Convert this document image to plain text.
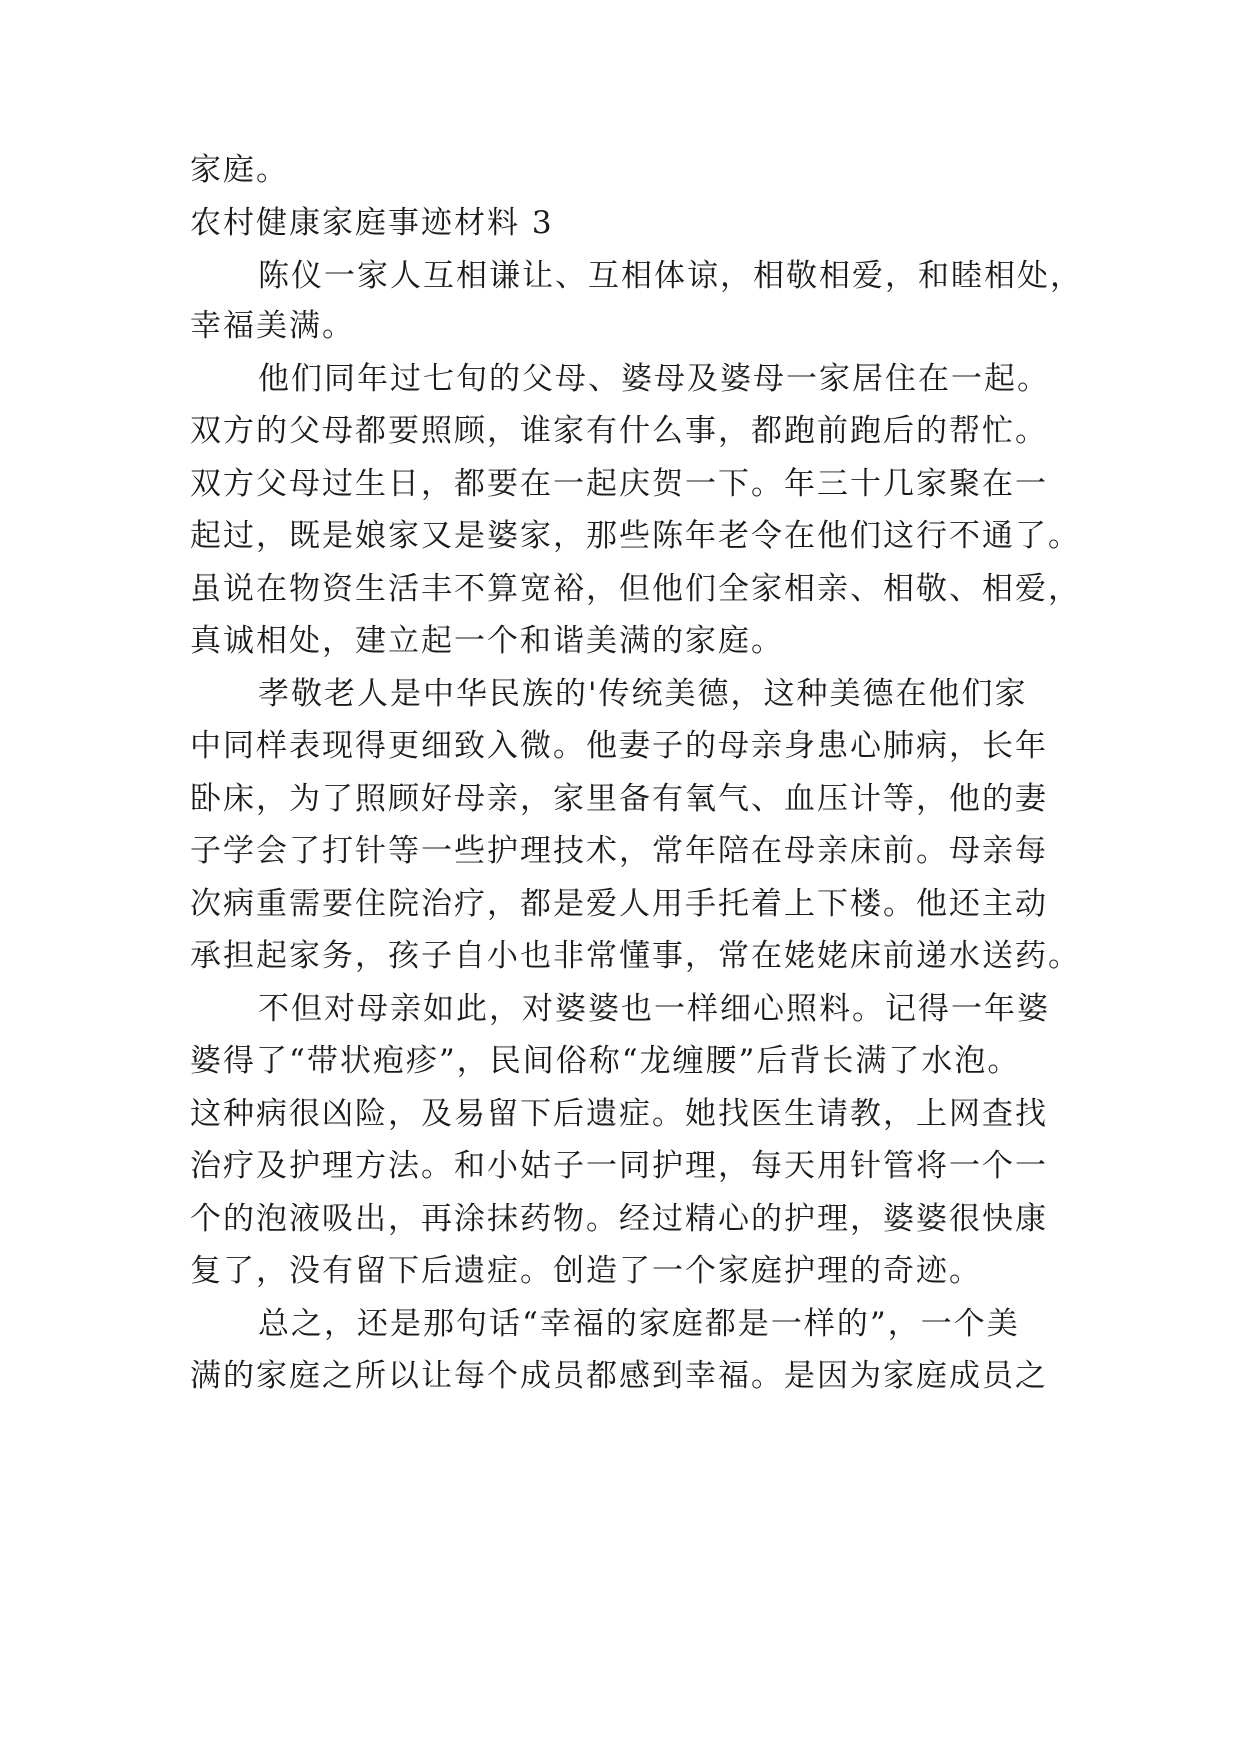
家庭。
农村健康家庭事迹材料 3
陈仪一家人互相谦让、互相体谅，相敬相爱，和睦相处，
幸福美满。
他们同年过七旬的父母、婆母及婆母一家居住在一起。
双方的父母都要照顾，谁家有什么事，都跑前跑后的帮忙。
双方父母过生日，都要在一起庆贺一下。年三十几家聚在一
起过，既是娘家又是婆家，那些陈年老令在他们这行不通了。
虽说在物资生活丰不算宽裕，但他们全家相亲、相敬、相爱，
真诚相处，建立起一个和谐美满的家庭。
孝敬老人是中华民族的'传统美德，这种美德在他们家
中同样表现得更细致入微。他妻子的母亲身患心肺病，长年
卧床，为了照顾好母亲，家里备有氧气、血压计等，他的妻
子学会了打针等一些护理技术，常年陪在母亲床前。母亲每
次病重需要住院治疗，都是爱人用手托着上下楼。他还主动
承担起家务，孩子自小也非常懂事，常在姥姥床前递水送药。
不但对母亲如此，对婆婆也一样细心照料。记得一年婆
婆得了“带状疱疹”，民间俗称“龙缠腰”后背长满了水泡。
这种病很凶险，及易留下后遗症。她找医生请教，上网查找
治疗及护理方法。和小姑子一同护理，每天用针管将一个一
个的泡液吸出，再涂抹药物。经过精心的护理，婆婆很快康
复了，没有留下后遗症。创造了一个家庭护理的奇迹。
总之，还是那句话“幸福的家庭都是一样的”，一个美
满的家庭之所以让每个成员都感到幸福。是因为家庭成员之
